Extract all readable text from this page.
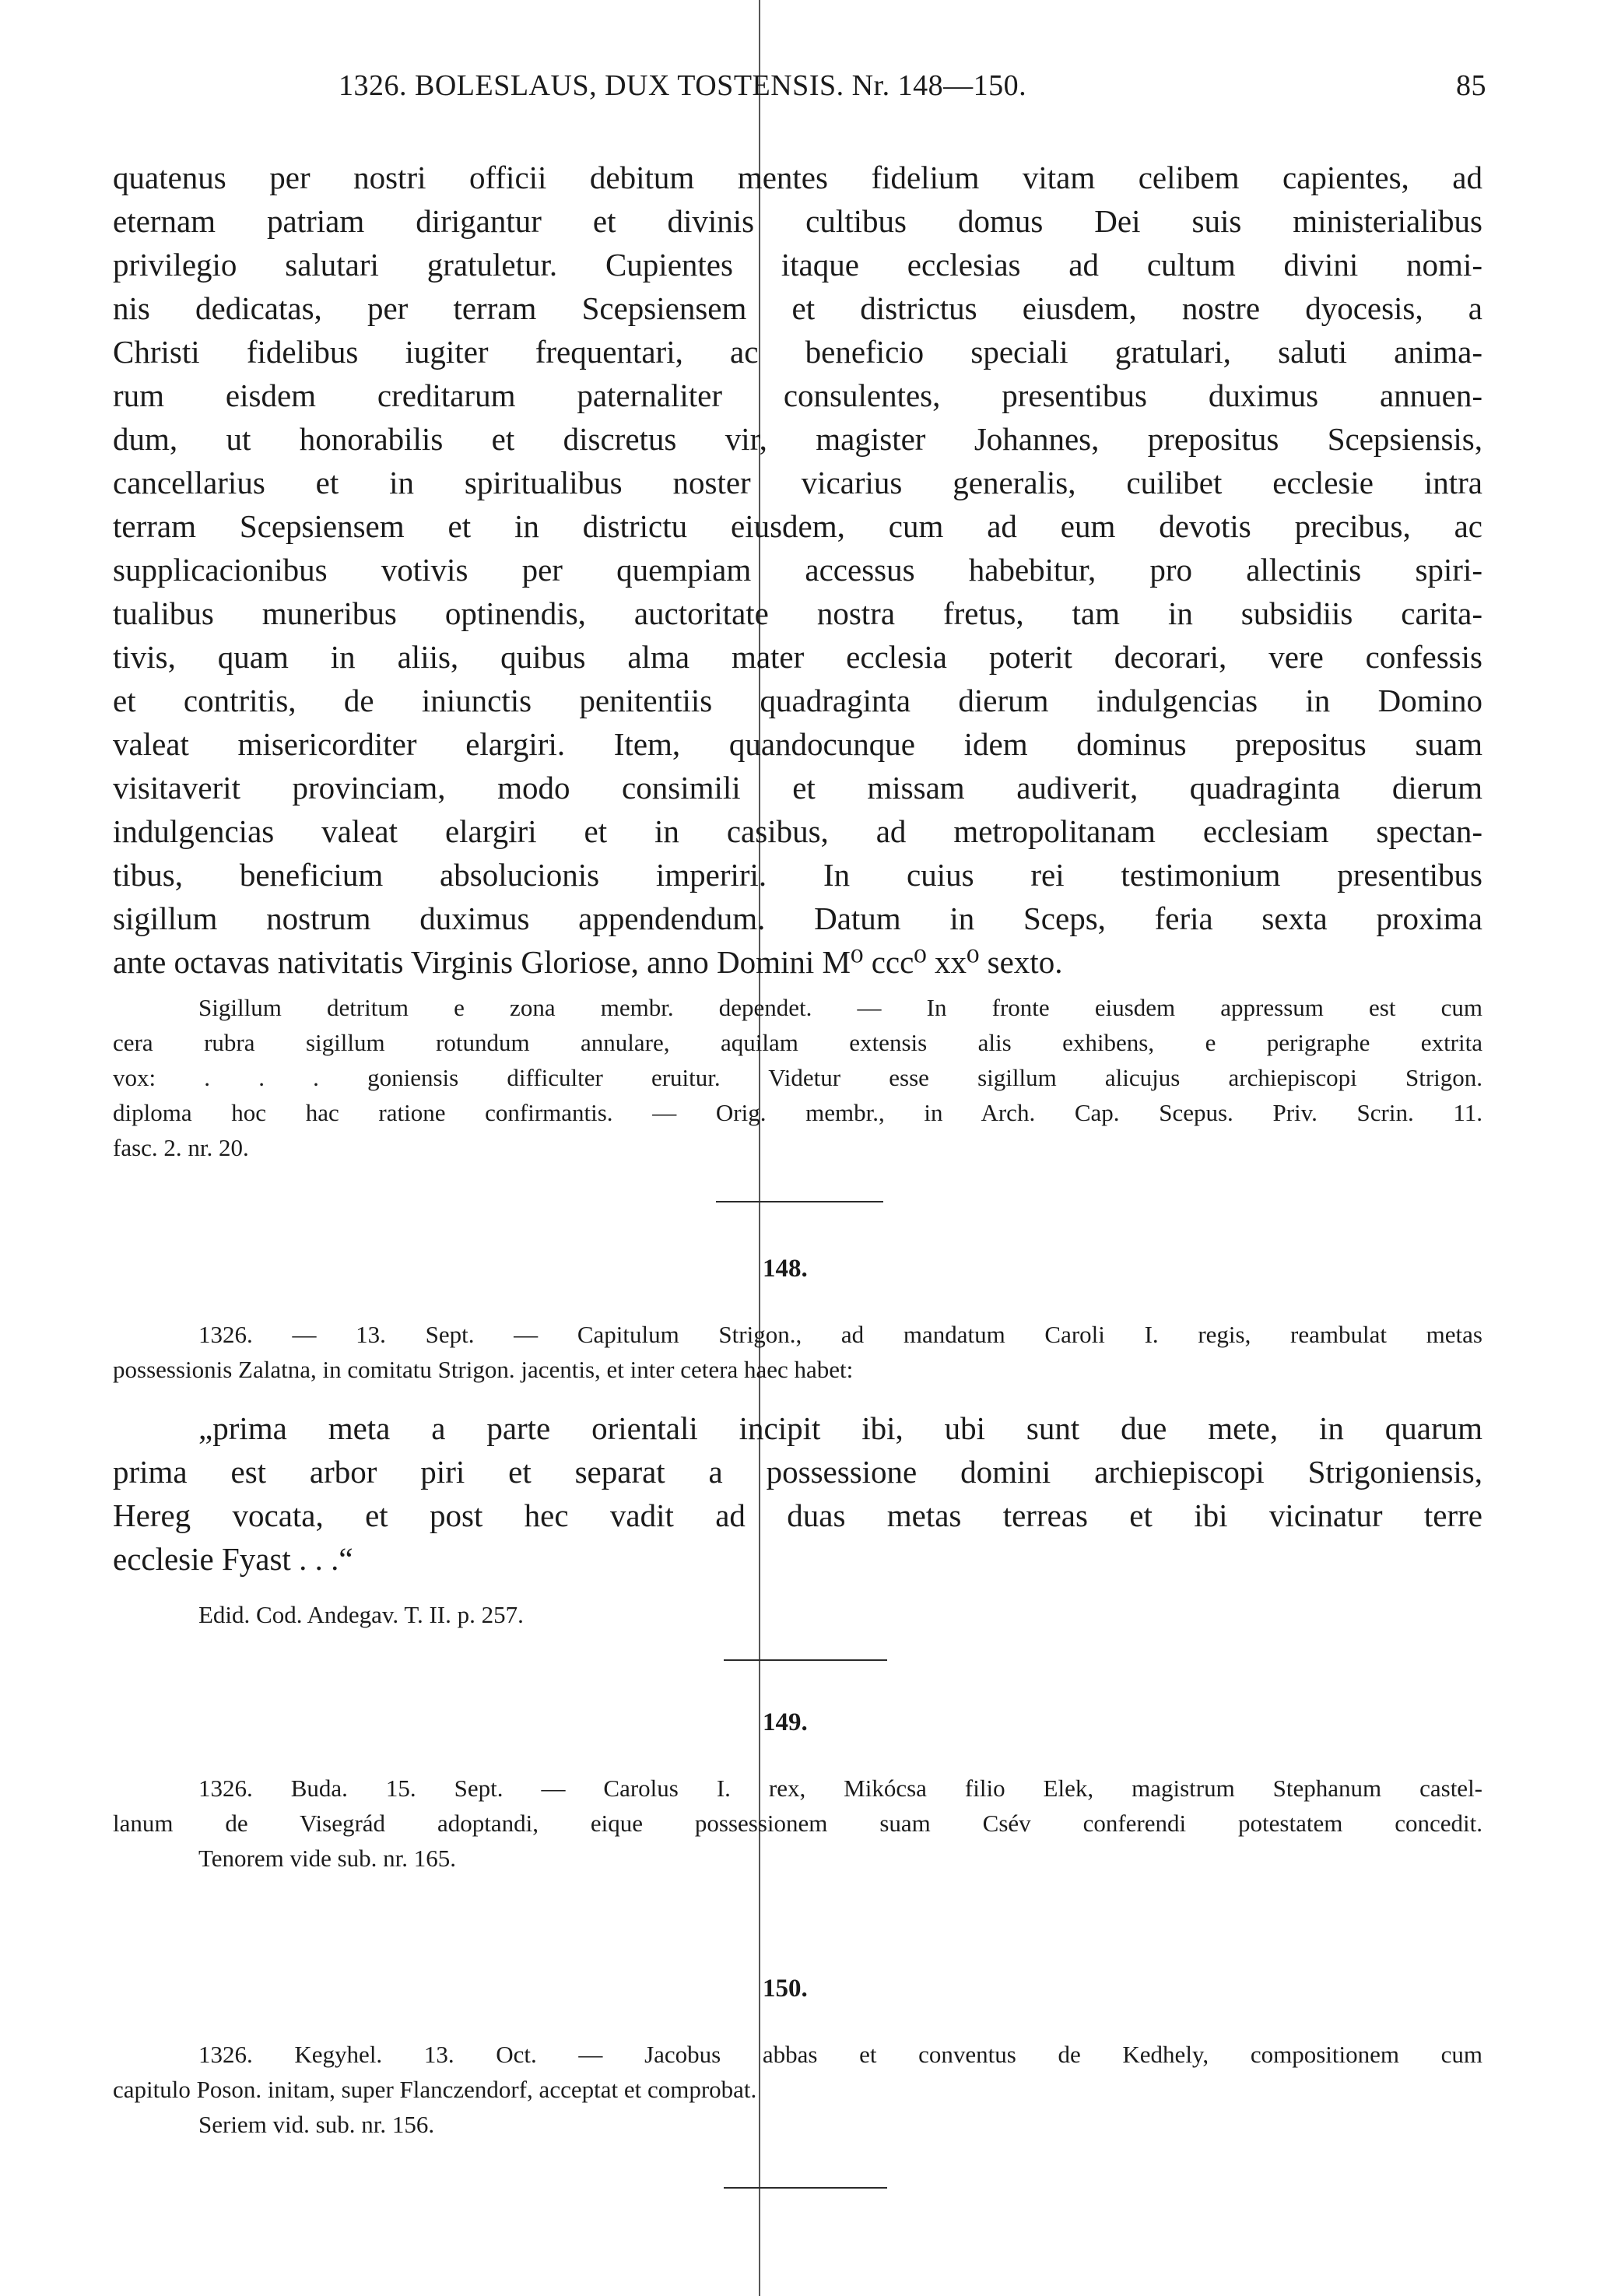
1326. BOLESLAUS, DUX TOSTENSIS. Nr. 148—150.	85
quatenus per nostri officii debitum mentes fidelium vitam celibem capientes, ad
eternam patriam dirigantur et divinis cultibus domus Dei suis ministerialibus
privilegio salutari gratuletur. Cupientes itaque ecclesias ad cultum divini nomi-
nis dedicatas, per terram Scepsiensem et districtus eiusdem, nostre dyocesis, a
Christi fidelibus iugiter frequentari, ac beneficio speciali gratulari, saluti anima-
rum eisdem creditarum paternaliter consulentes, presentibus duximus annuen-
dum, ut honorabilis et discretus vir, magister Johannes, prepositus Scepsiensis,
cancellarius et in spiritualibus noster vicarius generalis, cuilibet ecclesie intra
terram Scepsiensem et in districtu eiusdem, cum ad eum devotis precibus, ac
supplicacionibus votivis per quempiam accessus habebitur, pro allectinis spiri-
tualibus muneribus optinendis, auctoritate nostra fretus, tam in subsidiis carita-
tivis, quam in aliis, quibus alma mater ecclesia poterit decorari, vere confessis
et contritis, de iniunctis penitentiis quadraginta dierum indulgencias in Domino
valeat misericorditer elargiri. Item, quandocunque idem dominus prepositus suam
visitaverit provinciam, modo consimili et missam audiverit, quadraginta dierum
indulgencias valeat elargiri et in casibus, ad metropolitanam ecclesiam spectan-
tibus, beneficium absolucionis imperiri. In cuius rei testimonium presentibus
sigillum nostrum duximus appendendum. Datum in Sceps, feria sexta proxima
ante octavas nativitatis Virginis Gloriose, anno Domini M⁰ ccc⁰ xx⁰ sexto.
Sigillum detritum e zona membr. dependet. — In fronte eiusdem appressum est cum
cera rubra sigillum rotundum annulare, aquilam extensis alis exhibens, e perigraphe extrita
vox: . . . goniensis difficulter eruitur. Videtur esse sigillum alicujus archiepiscopi Strigon.
diploma hoc hac ratione confirmantis. — Orig. membr., in Arch. Cap. Scepus. Priv. Scrin. 11.
fasc. 2. nr. 20.
148.
1326. — 13. Sept. — Capitulum Strigon., ad mandatum Caroli I. regis, reambulat metas
possessionis Zalatna, in comitatu Strigon. jacentis, et inter cetera haec habet:
„prima meta a parte orientali incipit ibi, ubi sunt due mete, in quarum
prima est arbor piri et separat a possessione domini archiepiscopi Strigoniensis,
Hereg vocata, et post hec vadit ad duas metas terreas et ibi vicinatur terre
ecclesie Fyast . . .“
Edid. Cod. Andegav. T. II. p. 257.
149.
1326. Buda. 15. Sept. — Carolus I. rex, Mikócsa filio Elek, magistrum Stephanum castel-
lanum de Visegrád adoptandi, eique possessionem suam Csév conferendi potestatem concedit.
Tenorem vide sub. nr. 165.
150.
1326. Kegyhel. 13. Oct. — Jacobus abbas et conventus de Kedhely, compositionem cum
capitulo Poson. initam, super Flanczendorf, acceptat et comprobat.
Seriem vid. sub. nr. 156.
